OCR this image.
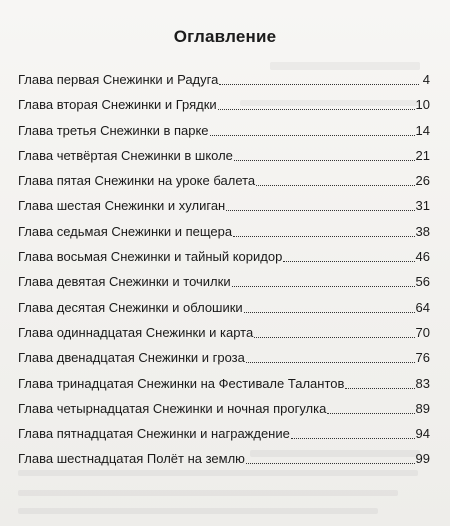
Оглавление
Глава первая Снежинки и Радуга	4
Глава вторая Снежинки и Грядки	10
Глава третья Снежинки в парке	14
Глава четвёртая Снежинки в школе	21
Глава пятая Снежинки на уроке балета	26
Глава шестая Снежинки и хулиган	31
Глава седьмая Снежинки и пещера	38
Глава восьмая Снежинки и тайный коридор	46
Глава девятая Снежинки и точилки	56
Глава десятая Снежинки и облошики	64
Глава одиннадцатая Снежинки и карта	70
Глава двенадцатая Снежинки и гроза	76
Глава тринадцатая Снежинки на Фестивале Талантов	83
Глава четырнадцатая Снежинки и ночная прогулка	89
Глава пятнадцатая Снежинки и награждение	94
Глава шестнадцатая Полёт на землю	99
